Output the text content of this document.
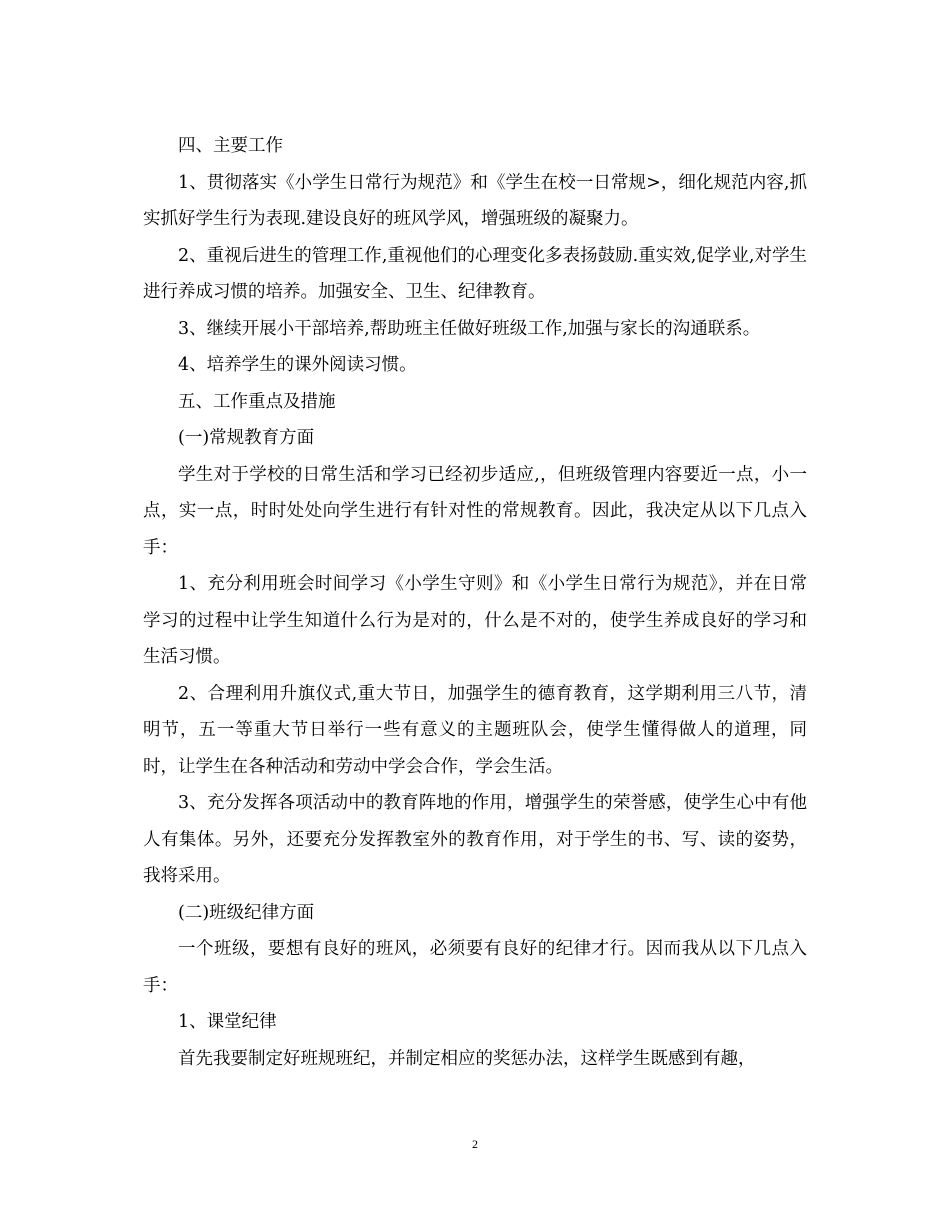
四、主要工作

1、贯彻落实《小学生日常行为规范》和《学生在校一日常规>，细化规范内容,抓实抓好学生行为表现.建设良好的班风学风，增强班级的凝聚力。

2、重视后进生的管理工作,重视他们的心理变化多表扬鼓励.重实效,促学业,对学生进行养成习惯的培养。加强安全、卫生、纪律教育。

3、继续开展小干部培养,帮助班主任做好班级工作,加强与家长的沟通联系。

4、培养学生的课外阅读习惯。

五、工作重点及措施

(一)常规教育方面

学生对于学校的日常生活和学习已经初步适应,，但班级管理内容要近一点，小一点，实一点，时时处处向学生进行有针对性的常规教育。因此，我决定从以下几点入手：

1、充分利用班会时间学习《小学生守则》和《小学生日常行为规范》，并在日常学习的过程中让学生知道什么行为是对的，什么是不对的，使学生养成良好的学习和生活习惯。

2、合理利用升旗仪式,重大节日，加强学生的德育教育，这学期利用三八节，清明节，五一等重大节日举行一些有意义的主题班队会，使学生懂得做人的道理，同时，让学生在各种活动和劳动中学会合作，学会生活。

3、充分发挥各项活动中的教育阵地的作用，增强学生的荣誉感，使学生心中有他人有集体。另外，还要充分发挥教室外的教育作用，对于学生的书、写、读的姿势，我将采用。

(二)班级纪律方面

一个班级，要想有良好的班风，必须要有良好的纪律才行。因而我从以下几点入手：

1、课堂纪律

首先我要制定好班规班纪，并制定相应的奖惩办法，这样学生既感到有趣，

2
